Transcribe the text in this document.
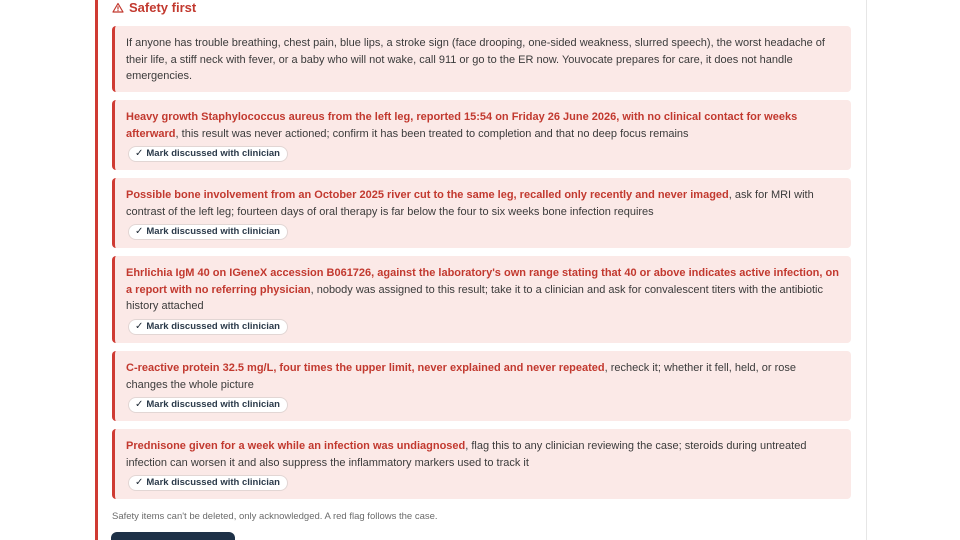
Safety first
If anyone has trouble breathing, chest pain, blue lips, a stroke sign (face drooping, one-sided weakness, slurred speech), the worst headache of their life, a stiff neck with fever, or a baby who will not wake, call 911 or go to the ER now. Youvocate prepares for care, it does not handle emergencies.
Heavy growth Staphylococcus aureus from the left leg, reported 15:54 on Friday 26 June 2026, with no clinical contact for weeks afterward, this result was never actioned; confirm it has been treated to completion and that no deep focus remains
✓ Mark discussed with clinician
Possible bone involvement from an October 2025 river cut to the same leg, recalled only recently and never imaged, ask for MRI with contrast of the left leg; fourteen days of oral therapy is far below the four to six weeks bone infection requires
✓ Mark discussed with clinician
Ehrlichia IgM 40 on IGeneX accession B061726, against the laboratory's own range stating that 40 or above indicates active infection, on a report with no referring physician, nobody was assigned to this result; take it to a clinician and ask for convalescent titers with the antibiotic history attached
✓ Mark discussed with clinician
C-reactive protein 32.5 mg/L, four times the upper limit, never explained and never repeated, recheck it; whether it fell, held, or rose changes the whole picture
✓ Mark discussed with clinician
Prednisone given for a week while an infection was undiagnosed, flag this to any clinician reviewing the case; steroids during untreated infection can worsen it and also suppress the inflammatory markers used to track it
✓ Mark discussed with clinician
Safety items can't be deleted, only acknowledged. A red flag follows the case.
